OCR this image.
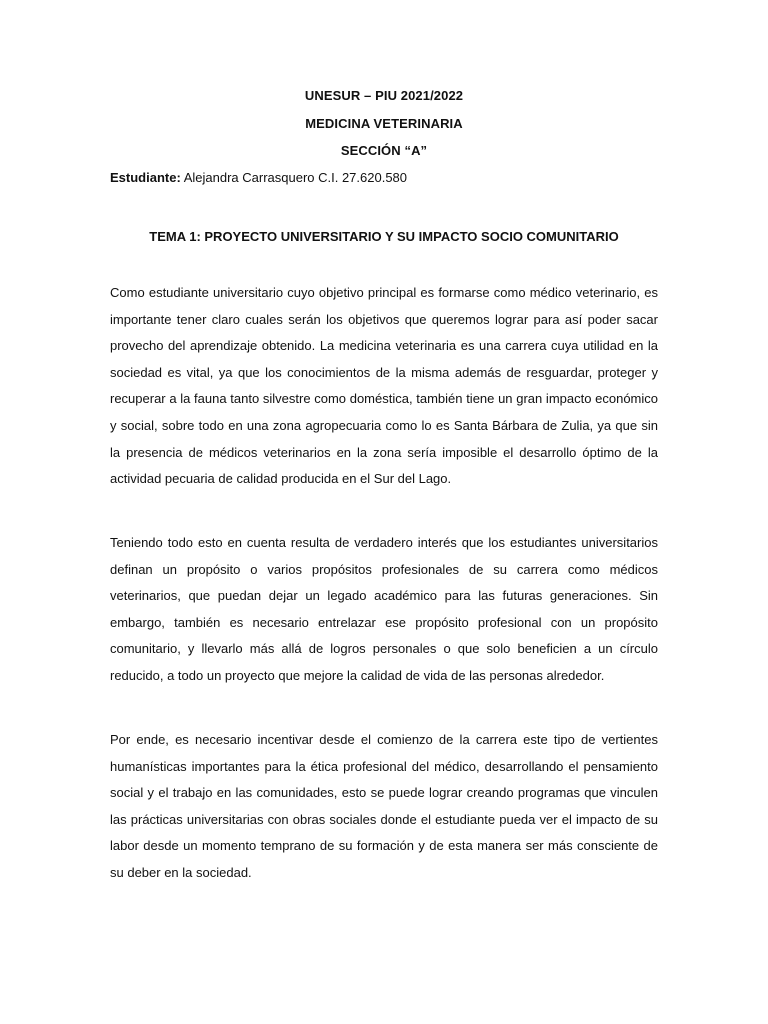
UNESUR – PIU 2021/2022
MEDICINA VETERINARIA
SECCIÓN “A”
Estudiante: Alejandra Carrasquero C.I. 27.620.580
TEMA 1: PROYECTO UNIVERSITARIO Y SU IMPACTO SOCIO COMUNITARIO

Como estudiante universitario cuyo objetivo principal es formarse como médico veterinario, es importante tener claro cuales serán los objetivos que queremos lograr para así poder sacar provecho del aprendizaje obtenido. La medicina veterinaria es una carrera cuya utilidad en la sociedad es vital, ya que los conocimientos de la misma además de resguardar, proteger y recuperar a la fauna tanto silvestre como doméstica, también tiene un gran impacto económico y social, sobre todo en una zona agropecuaria como lo es Santa Bárbara de Zulia, ya que sin la presencia de médicos veterinarios en la zona sería imposible el desarrollo óptimo de la actividad pecuaria de calidad producida en el Sur del Lago.

Teniendo todo esto en cuenta resulta de verdadero interés que los estudiantes universitarios definan un propósito o varios propósitos profesionales de su carrera como médicos veterinarios, que puedan dejar un legado académico para las futuras generaciones. Sin embargo, también es necesario entrelazar ese propósito profesional con un propósito comunitario, y llevarlo más allá de logros personales o que solo beneficien a un círculo reducido, a todo un proyecto que mejore la calidad de vida de las personas alrededor.

Por ende, es necesario incentivar desde el comienzo de la carrera este tipo de vertientes humanísticas importantes para la ética profesional del médico, desarrollando el pensamiento social y el trabajo en las comunidades, esto se puede lograr creando programas que vinculen las prácticas universitarias con obras sociales donde el estudiante pueda ver el impacto de su labor desde un momento temprano de su formación y de esta manera ser más consciente de su deber en la sociedad.
